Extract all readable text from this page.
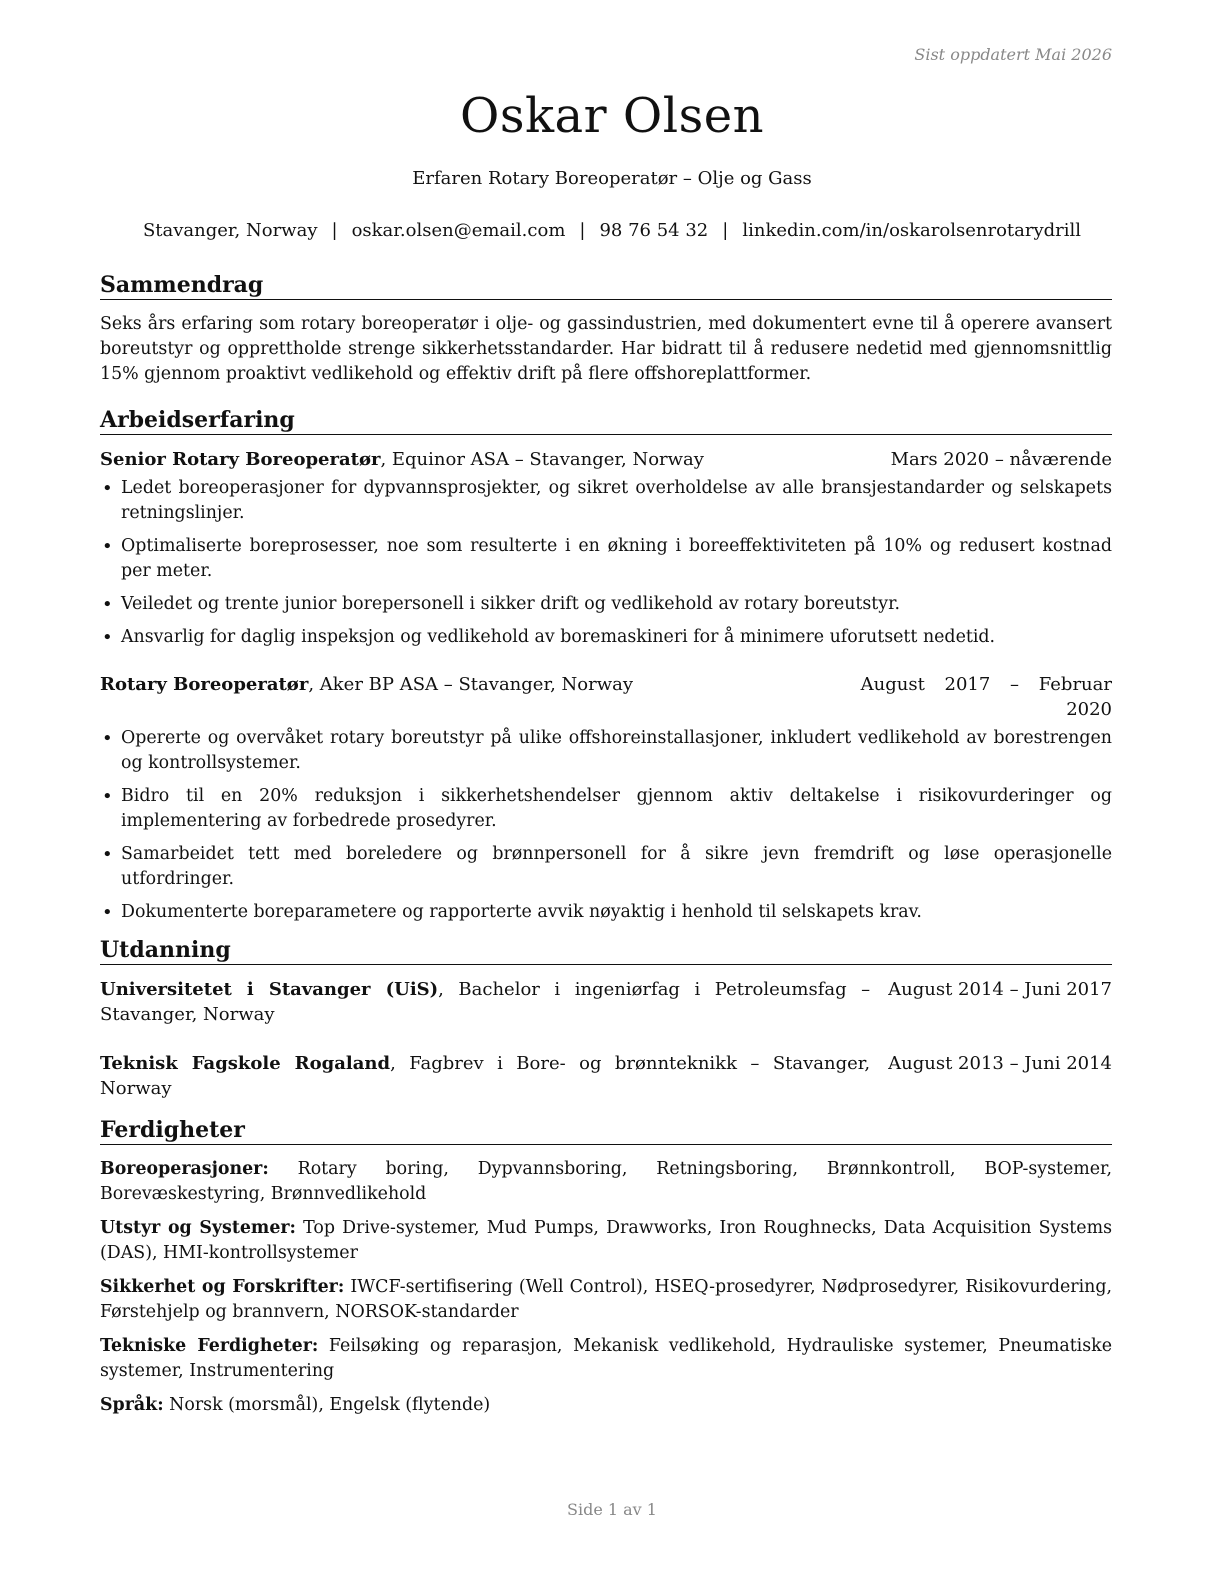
Sist oppdatert Mai 2026
Oskar Olsen
Erfaren Rotary Boreoperatør – Olje og Gass
Stavanger, Norway | oskar.olsen@email.com | 98 76 54 32 | linkedin.com/in/oskarolsenrotarydrill
Sammendrag

Seks års erfaring som rotary boreoperatør i olje- og gassindustrien, med dokumentert evne til å operere avansert boreutstyr og opprettholde strenge sikkerhetsstandarder. Har bidratt til å redusere nedetid med gjennomsnittlig 15% gjennom proaktivt vedlikehold og effektiv drift på flere offshoreplattformer.

Arbeidserfaring
Senior Rotary Boreoperatør, Equinor ASA – Stavanger, Norway	Mars 2020 – nåværende
• Ledet boreoperasjoner for dypvannsprosjekter, og sikret overholdelse av alle bransjestandarder og selskapets retningslinjer.
• Optimaliserte boreprosesser, noe som resulterte i en økning i boreeffektiviteten på 10% og redusert kostnad per meter.
• Veiledet og trente junior borepersonell i sikker drift og vedlikehold av rotary boreutstyr.
• Ansvarlig for daglig inspeksjon og vedlikehold av boremaskineri for å minimere uforutsett nedetid.
Rotary Boreoperatør, Aker BP ASA – Stavanger, Norway	August 2017 – Februar
2020
• Opererte og overvåket rotary boreutstyr på ulike offshoreinstallasjoner, inkludert vedlikehold av borestrengen og kontrollsystemer.
• Bidro til en 20% reduksjon i sikkerhetshendelser gjennom aktiv deltakelse i risikovurderinger og implementering av forbedrede prosedyrer.
• Samarbeidet tett med boreledere og brønnpersonell for å sikre jevn fremdrift og løse operasjonelle utfordringer.
• Dokumenterte boreparametere og rapporterte avvik nøyaktig i henhold til selskapets krav.
Utdanning
Universitetet i Stavanger (UiS), Bachelor i ingeniørfag i Petroleumsfag – Stavanger, Norway
August 2014 – Juni 2017
Teknisk Fagskole Rogaland, Fagbrev i Bore- og brønnteknikk – Stavanger, Norway
August 2013 – Juni 2014
Ferdigheter

Boreoperasjoner: Rotary boring, Dypvannsboring, Retningsboring, Brønnkontroll, BOP-systemer, Borevæskestyring, Brønnvedlikehold

Utstyr og Systemer: Top Drive-systemer, Mud Pumps, Drawworks, Iron Roughnecks, Data Acquisition Systems (DAS), HMI-kontrollsystemer

Sikkerhet og Forskrifter: IWCF-sertifisering (Well Control), HSEQ-prosedyrer, Nødprosedyrer, Risikovurdering, Førstehjelp og brannvern, NORSOK-standarder

Tekniske Ferdigheter: Feilsøking og reparasjon, Mekanisk vedlikehold, Hydrauliske systemer, Pneumatiske systemer, Instrumentering

Språk: Norsk (morsmål), Engelsk (flytende)

Side 1 av 1
